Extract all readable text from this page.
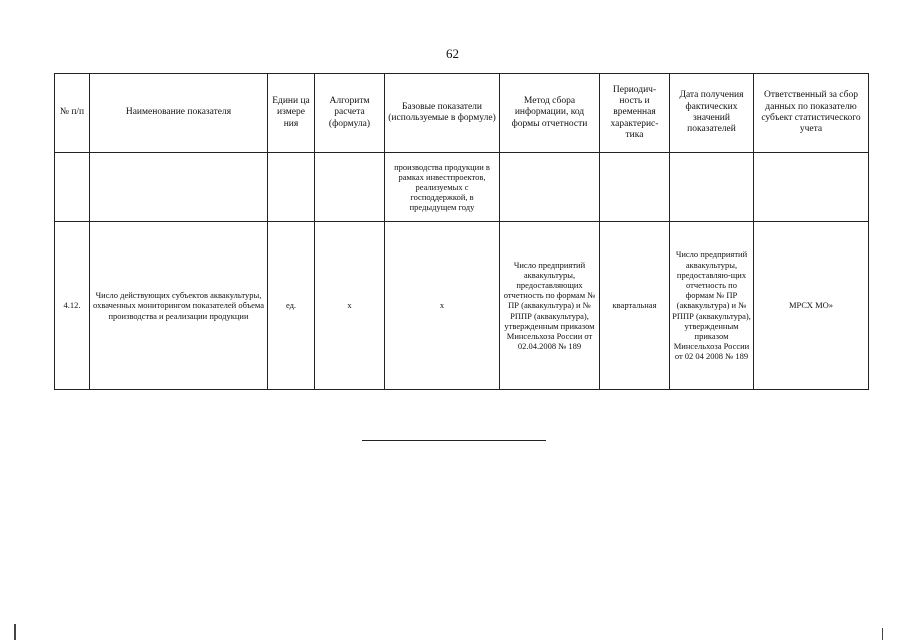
62
№ п/п	Наименование показателя	Едини ца измере ния	Алгоритм расчета (формула)	Базовые показатели (используемые в формуле)	Метод сбора информации, код формы отчетности	Периодич-ность и временная характерис-тика	Дата получения фактических значений показателей	Ответственный за сбор данных по показателю субъект статистического учета
				производства продукции в рамках инвестпроектов, реализуемых с господдержкой, в предыдущем году				
4.12.	Число действующих субъектов аквакультуры, охваченных мониторингом показателей объема производства и реализации продукции	ед.	x	x	Число предприятий аквакультуры, предоставляющих отчетность по формам № ПР (аквакультура) и № РППР (аквакультура), утвержденным приказом Минсельхоза России от 02.04.2008 № 189	квартальная	Число предприятий аквакультуры, предоставляю-щих отчетность по формам № ПР (аквакультура) и № РППР (аквакультура), утвержденным приказом Минсельхоза России от 02 04 2008 № 189	МРСХ МО»
